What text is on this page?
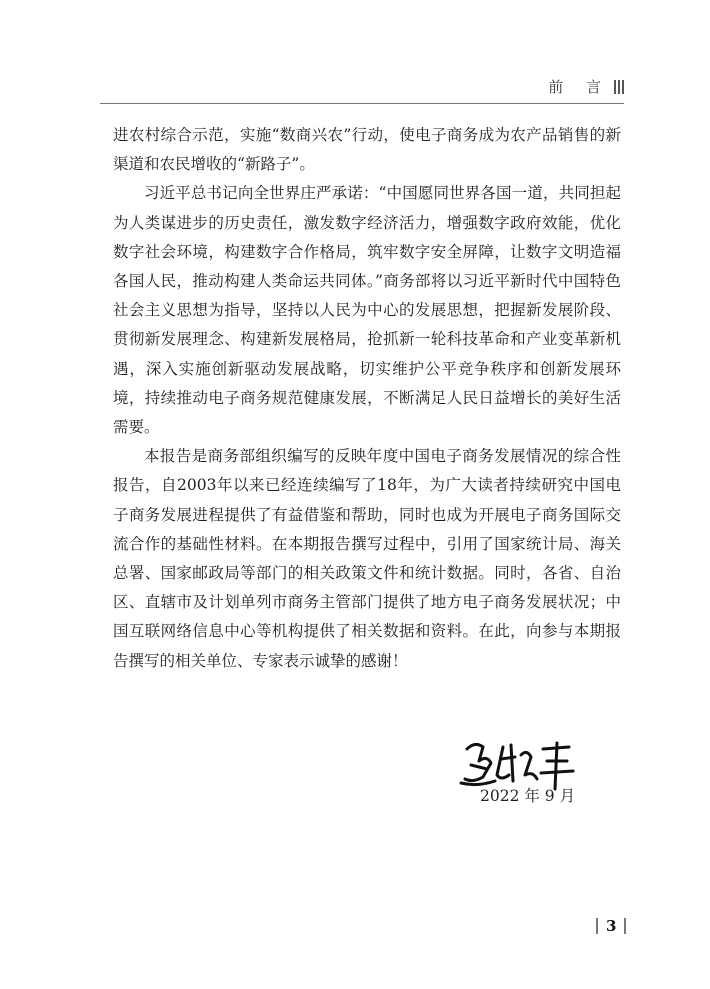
前 言

进农村综合示范，实施“数商兴农”行动，使电子商务成为农产品销售的新渠道和农民增收的“新路子”。

习近平总书记向全世界庄严承诺：“中国愿同世界各国一道，共同担起为人类谋进步的历史责任，激发数字经济活力，增强数字政府效能，优化数字社会环境，构建数字合作格局，筑牢数字安全屏障，让数字文明造福各国人民，推动构建人类命运共同体。”商务部将以习近平新时代中国特色社会主义思想为指导，坚持以人民为中心的发展思想，把握新发展阶段、贯彻新发展理念、构建新发展格局，抢抓新一轮科技革命和产业变革新机遇，深入实施创新驱动发展战略，切实维护公平竞争秩序和创新发展环境，持续推动电子商务规范健康发展，不断满足人民日益增长的美好生活需要。

本报告是商务部组织编写的反映年度中国电子商务发展情况的综合性报告，自2003年以来已经连续编写了18年，为广大读者持续研究中国电子商务发展进程提供了有益借鉴和帮助，同时也成为开展电子商务国际交流合作的基础性材料。在本期报告撰写过程中，引用了国家统计局、海关总署、国家邮政局等部门的相关政策文件和统计数据。同时，各省、自治区、直辖市及计划单列市商务主管部门提供了地方电子商务发展状况；中国互联网络信息中心等机构提供了相关数据和资料。在此，向参与本期报告撰写的相关单位、专家表示诚挚的感谢！

2022 年 9 月
3
